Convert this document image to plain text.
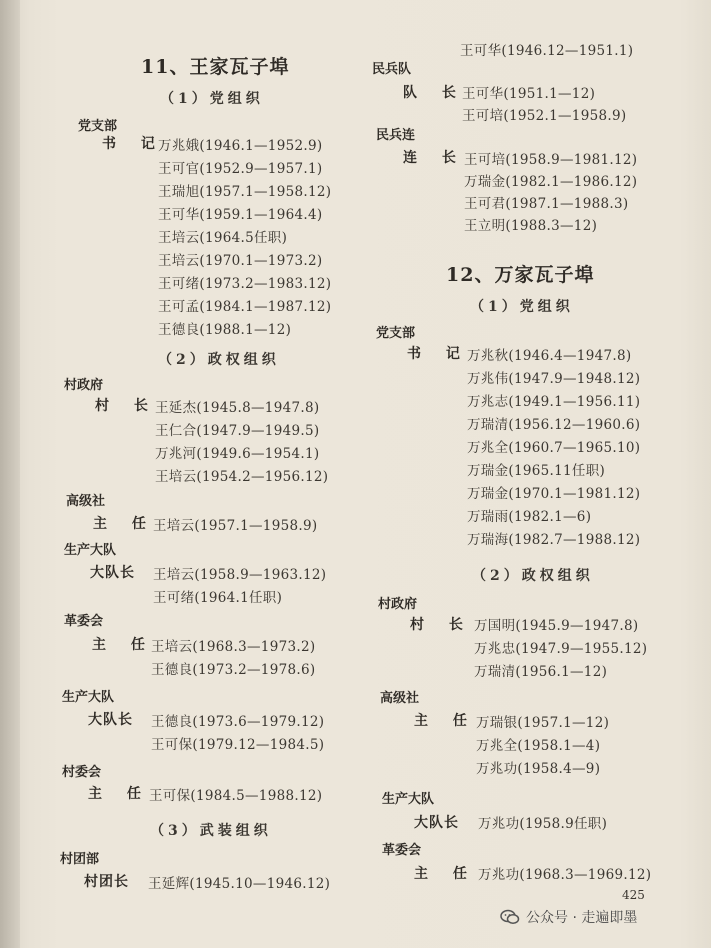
11、王家瓦子埠
（1）党组织
党支部
书 记
万兆娥(1946.1—1952.9)
王可官(1952.9—1957.1)
王瑞旭(1957.1—1958.12)
王可华(1959.1—1964.4)
王培云(1964.5任职)
王培云(1970.1—1973.2)
王可绪(1973.2—1983.12)
王可孟(1984.1—1987.12)
王德良(1988.1—12)
（2）政权组织
村政府
村 长
王延杰(1945.8—1947.8)
王仁合(1947.9—1949.5)
万兆河(1949.6—1954.1)
王培云(1954.2—1956.12)
高级社
主 任
王培云(1957.1—1958.9)
生产大队
大队长 王培云(1958.9—1963.12)
王可绪(1964.1任职)
革委会
主 任
王培云(1968.3—1973.2)
王德良(1973.2—1978.6)
生产大队
大队长 王德良(1973.6—1979.12)
王可保(1979.12—1984.5)
村委会
主 任
王可保(1984.5—1988.12)
（3）武装组织
村团部
村团长 王延辉(1945.10—1946.12)
王可华(1946.12—1951.1)
民兵队
队 长
王可华(1951.1—12)
王可培(1952.1—1958.9)
民兵连
连 长
王可培(1958.9—1981.12)
万瑞金(1982.1—1986.12)
王可君(1987.1—1988.3)
王立明(1988.3—12)
12、万家瓦子埠
（1）党组织
党支部
书 记
万兆秋(1946.4—1947.8)
万兆伟(1947.9—1948.12)
万兆志(1949.1—1956.11)
万瑞清(1956.12—1960.6)
万兆全(1960.7—1965.10)
万瑞金(1965.11任职)
万瑞金(1970.1—1981.12)
万瑞雨(1982.1—6)
万瑞海(1982.7—1988.12)
（2）政权组织
村政府
村 长 万国明(1945.9—1947.8)
万兆忠(1947.9—1955.12)
万瑞清(1956.1—12)
高级社
主 任 万瑞银(1957.1—12)
万兆全(1958.1—4)
万兆功(1958.4—9)
生产大队
大队长 万兆功(1958.9任职)
革委会
主 任 万兆功(1968.3—1969.12)
425
公众号 · 走遍即墨
